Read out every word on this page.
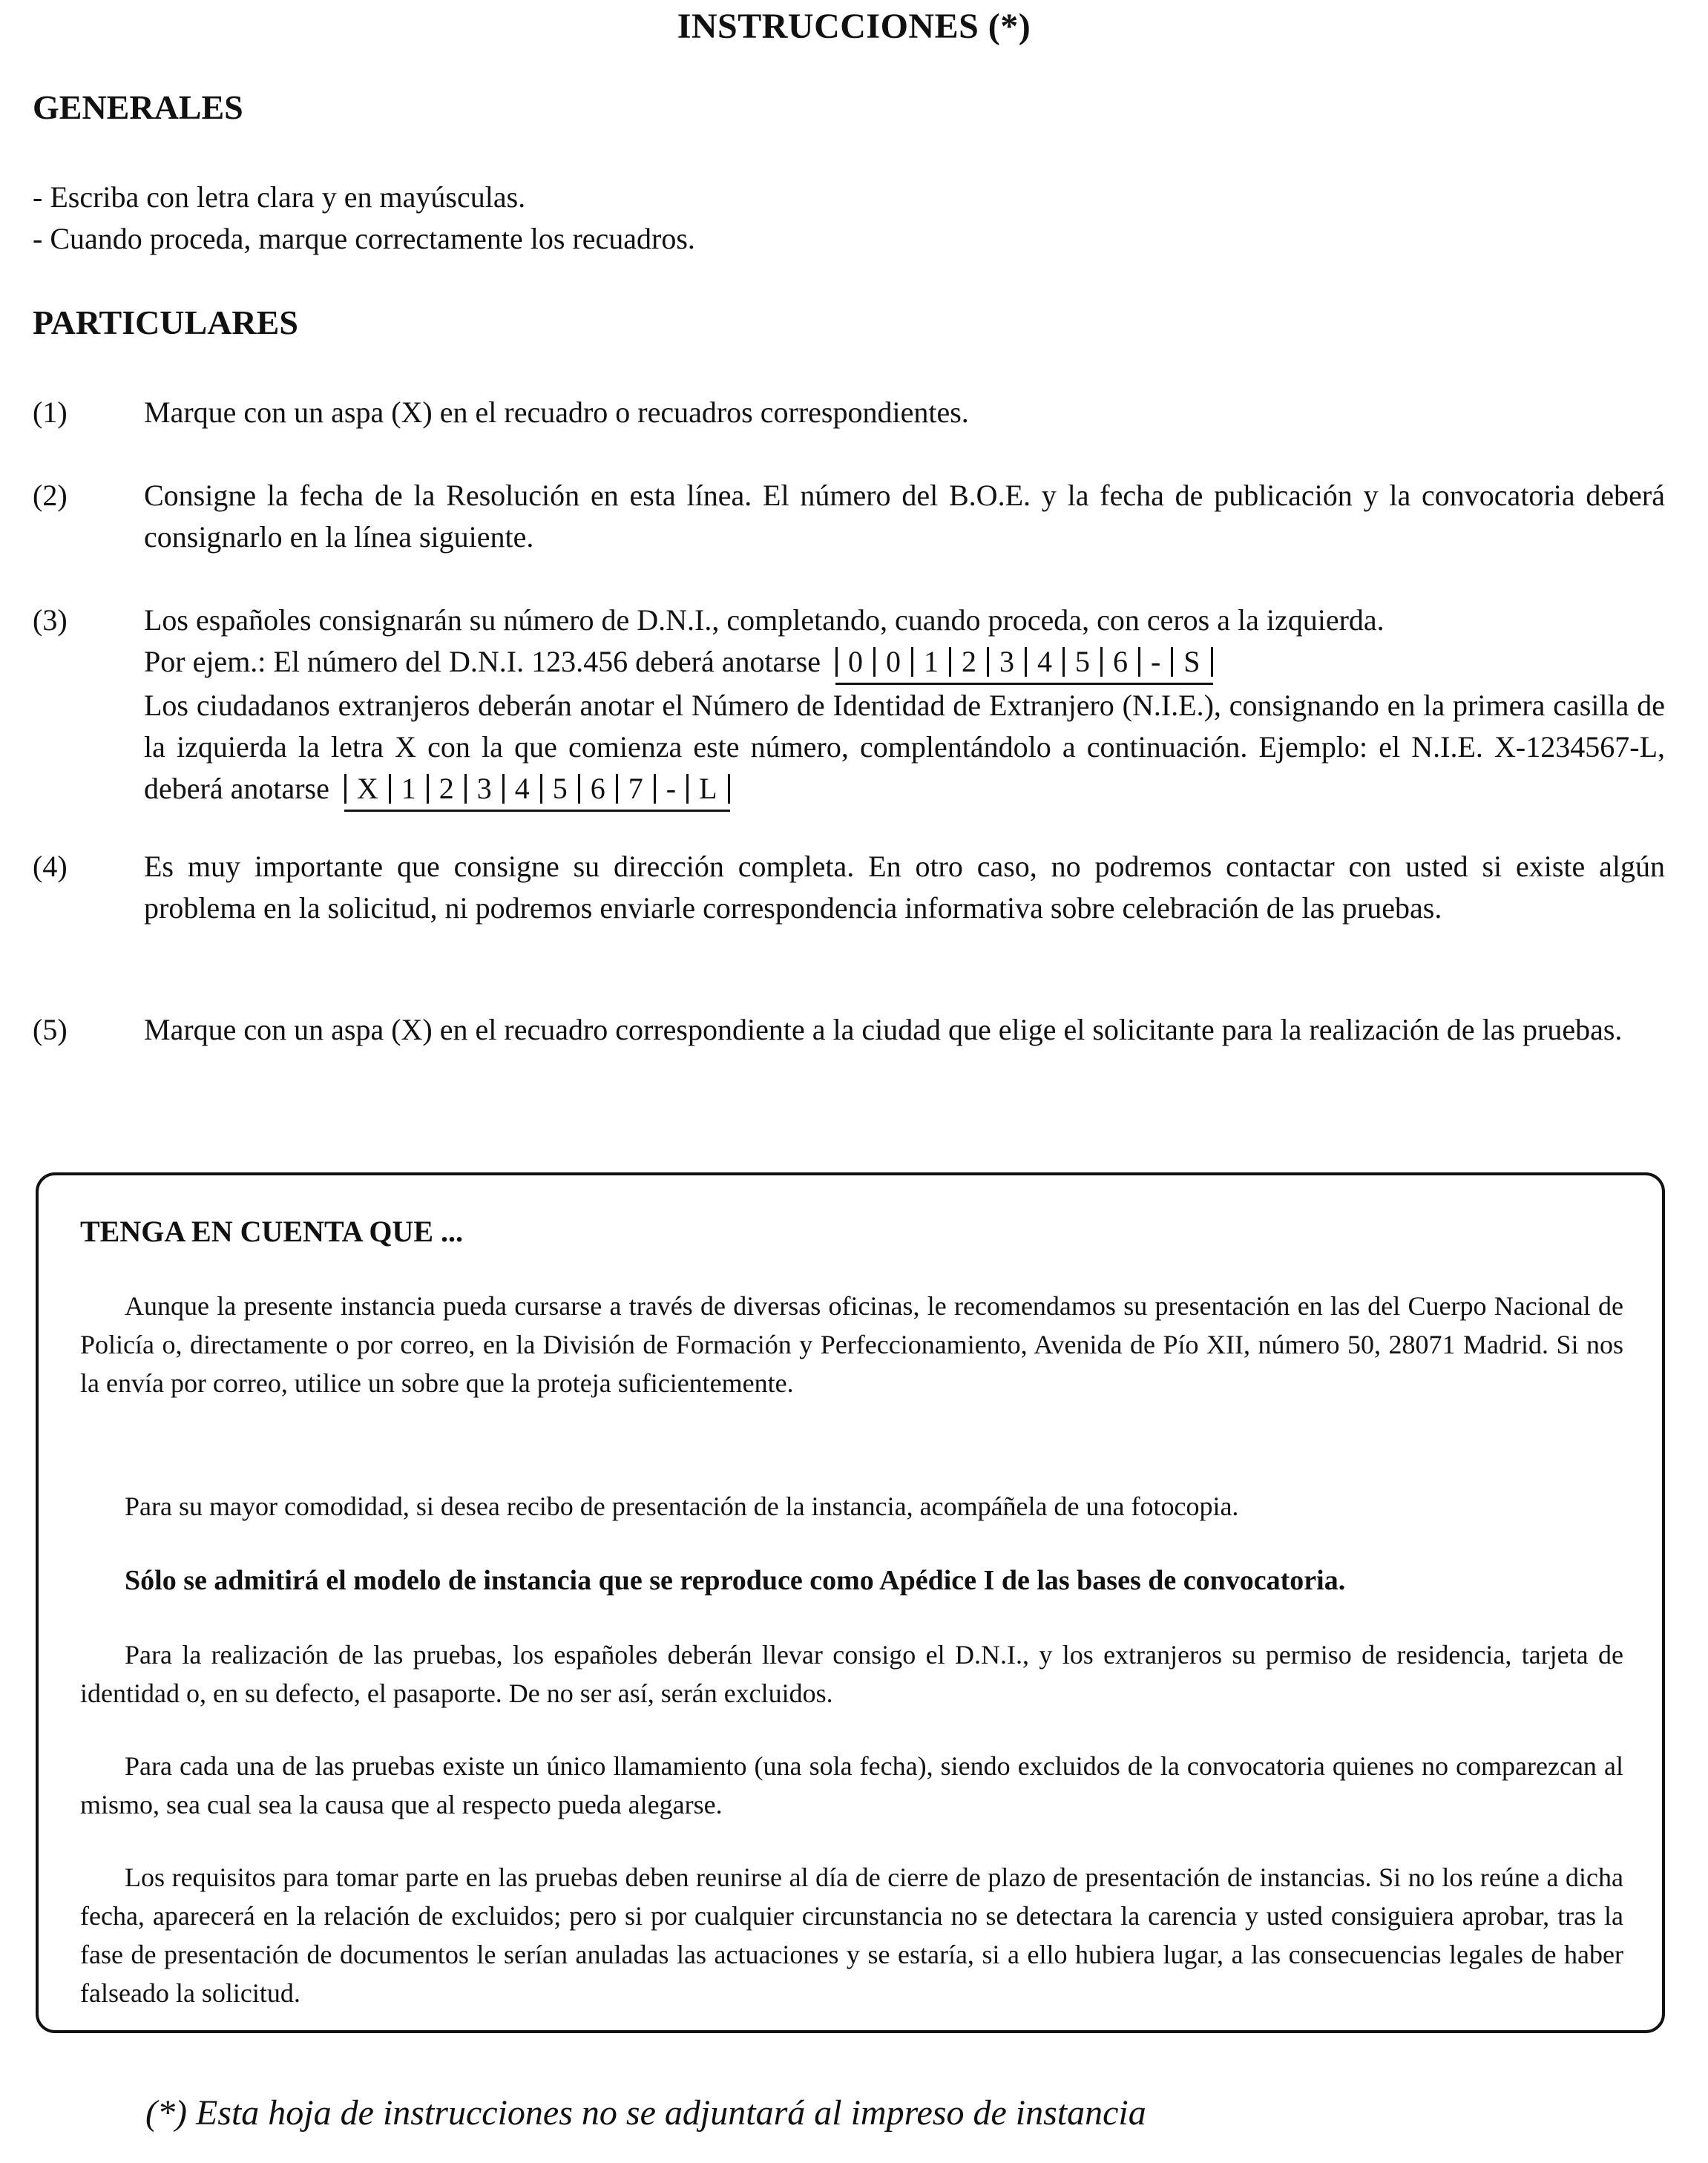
INSTRUCCIONES (*)
GENERALES
- Escriba con letra clara y en mayúsculas.
- Cuando proceda, marque correctamente los recuadros.
PARTICULARES
(1)	Marque con un aspa (X) en el recuadro o recuadros correspondientes.
(2)	Consigne la fecha de la Resolución en esta línea. El número del B.O.E. y la fecha de publicación y la convocatoria deberá consignarlo en la línea siguiente.
(3)	Los españoles consignarán su número de D.N.I., completando, cuando proceda, con ceros a la izquierda.
Por ejem.: El número del D.N.I. 123.456 deberá anotarse 0 0 1 2 3 4 5 6 - S
Los ciudadanos extranjeros deberán anotar el Número de Identidad de Extranjero (N.I.E.), consignando en la primera casilla de la izquierda la letra X con la que comienza este número, complentándolo a continuación. Ejemplo: el N.I.E. X-1234567-L, deberá anotarse X 1 2 3 4 5 6 7 - L
(4)	Es muy importante que consigne su dirección completa. En otro caso, no podremos contactar con usted si existe algún problema en la solicitud, ni podremos enviarle correspondencia informativa sobre celebración de las pruebas.
(5)	Marque con un aspa (X) en el recuadro correspondiente a la ciudad que elige el solicitante para la realización de las pruebas.
TENGA EN CUENTA QUE ...
Aunque la presente instancia pueda cursarse a través de diversas oficinas, le recomendamos su presentación en las del Cuerpo Nacional de Policía o, directamente o por correo, en la División de Formación y Perfeccionamiento, Avenida de Pío XII, número 50, 28071 Madrid. Si nos la envía por correo, utilice un sobre que la proteja suficientemente.
Para su mayor comodidad, si desea recibo de presentación de la instancia, acompáñela de una fotocopia.
Sólo se admitirá el modelo de instancia que se reproduce como Apédice I de las bases de convocatoria.
Para la realización de las pruebas, los españoles deberán llevar consigo el D.N.I., y los extranjeros su permiso de residencia, tarjeta de identidad o, en su defecto, el pasaporte. De no ser así, serán excluidos.
Para cada una de las pruebas existe un único llamamiento (una sola fecha), siendo excluidos de la convocatoria quienes no comparezcan al mismo, sea cual sea la causa que al respecto pueda alegarse.
Los requisitos para tomar parte en las pruebas deben reunirse al día de cierre de plazo de presentación de instancias. Si no los reúne a dicha fecha, aparecerá en la relación de excluidos; pero si por cualquier circunstancia no se detectara la carencia y usted consiguiera aprobar, tras la fase de presentación de documentos le serían anuladas las actuaciones y se estaría, si a ello hubiera lugar, a las consecuencias legales de haber falseado la solicitud.
(*) Esta hoja de instrucciones no se adjuntará al impreso de instancia
